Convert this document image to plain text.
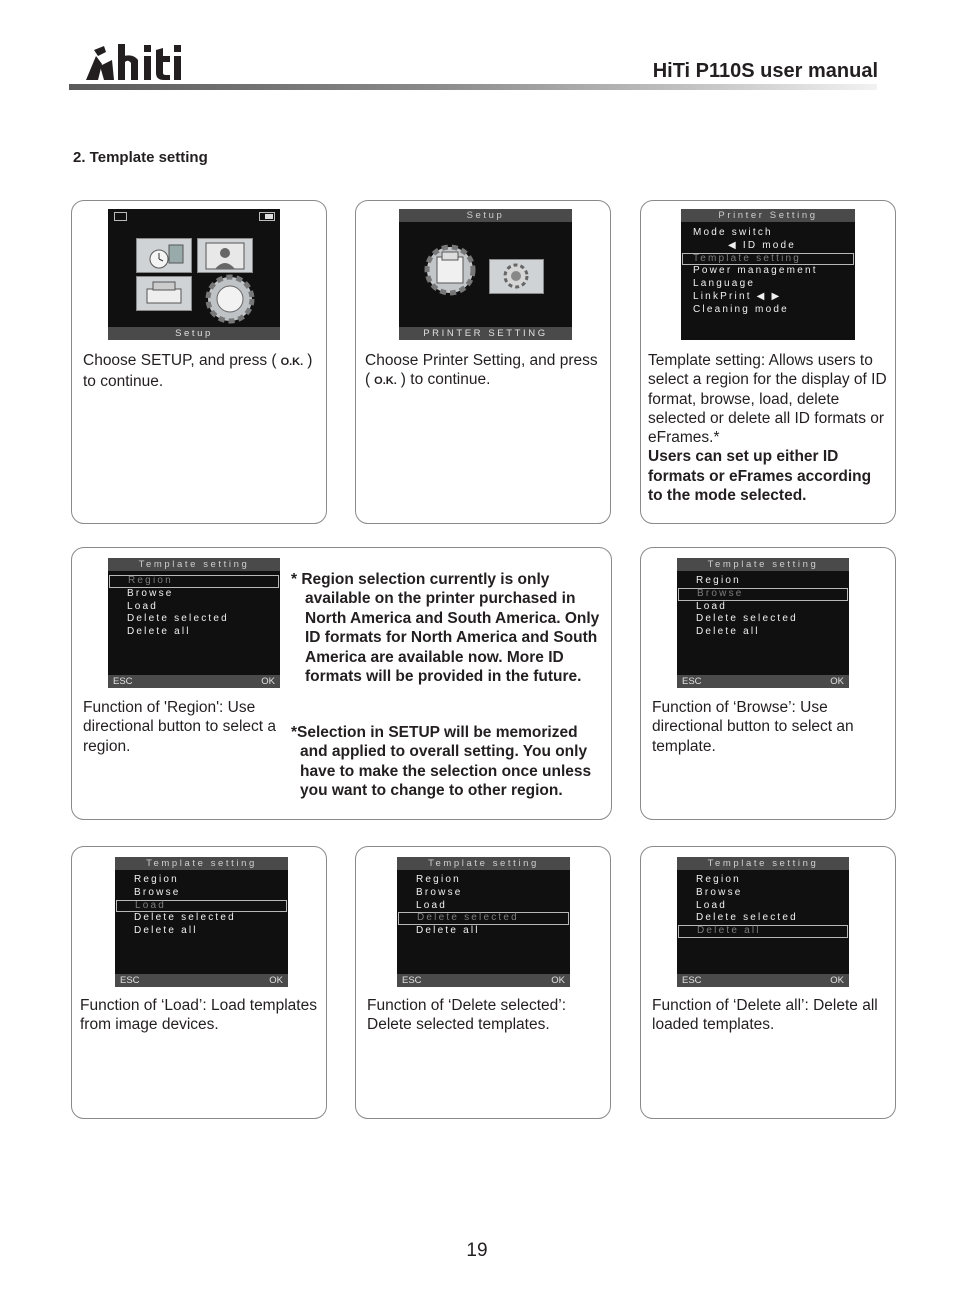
HiTi P110S user manual
2. Template setting
Setup
Choose SETUP, and press ( O.K. ) to continue.
Setup
PRINTER SETTING
Choose Printer Setting, and press ( O.K. ) to continue.
Printer Setting
Mode switch
◀ ID mode
Template setting
Power management
Language
LinkPrint ◀ ▶
Cleaning mode
Template setting: Allows users to select a region for the display of ID format, browse, load, delete selected or delete all ID formats or eFrames.*
Users can set up either ID formats or eFrames according to the mode selected.
Template setting
Region
Browse
Load
Delete selected
Delete all
ESC	OK
Function of 'Region': Use directional button to select a region.
* Region selection currently is only
available on the printer purchased in North America and South America. Only ID formats for North America and South America are available now. More ID formats will be provided in the future.
*Selection in SETUP will be memorized
and applied to overall setting. You only have to make the selection once unless you want to change to other region.
Template setting
Region
Browse
Load
Delete selected
Delete all
ESC	OK
Function of ‘Browse’: Use directional button to select an template.
Template setting
Region
Browse
Load
Delete selected
Delete all
ESC	OK
Function of ‘Load’: Load templates from image devices.
Template setting
Region
Browse
Load
Delete selected
Delete all
ESC	OK
Function of ‘Delete selected’: Delete selected templates.
Template setting
Region
Browse
Load
Delete selected
Delete all
ESC	OK
Function of ‘Delete all’: Delete all loaded templates.
19
